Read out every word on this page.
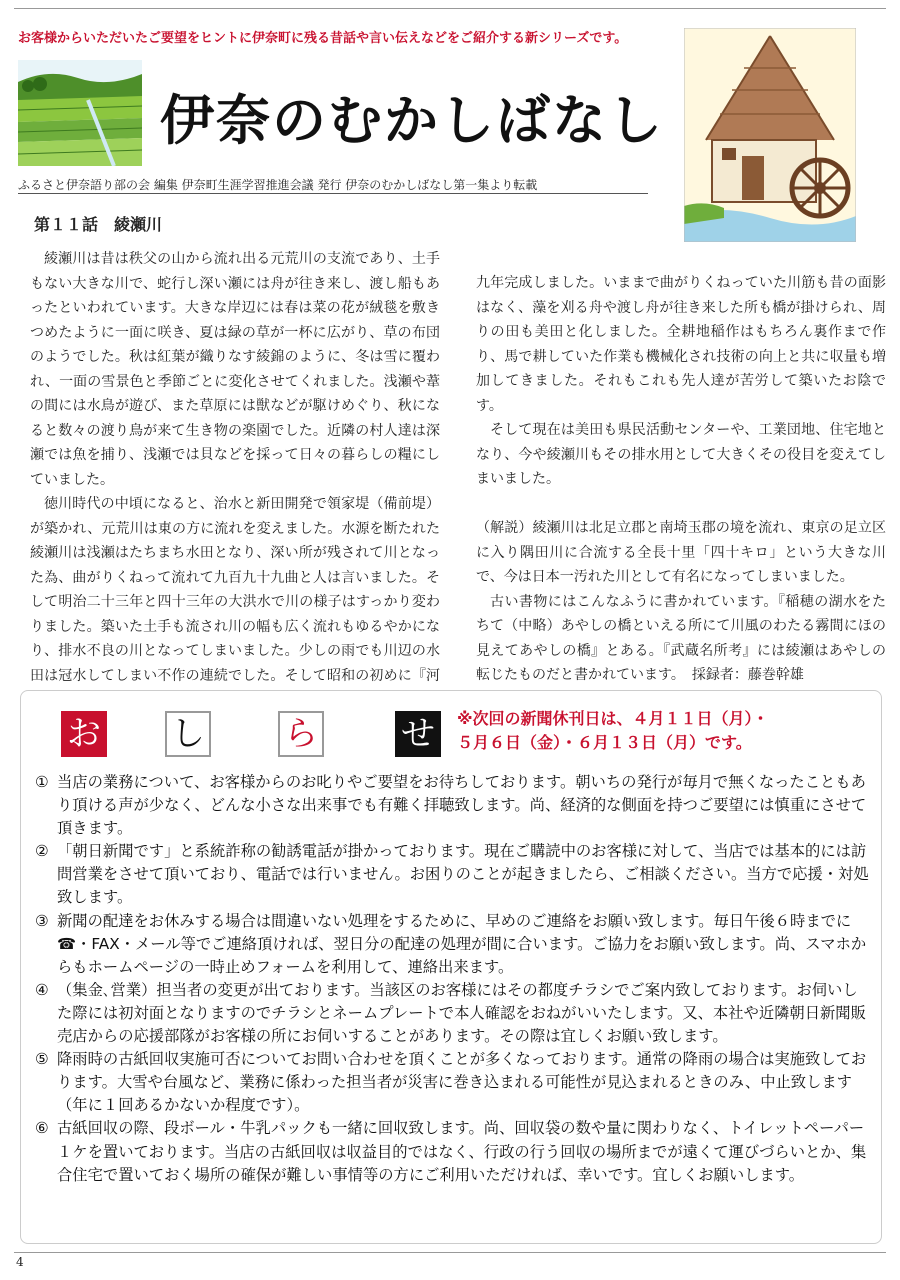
お客様からいただいたご要望をヒントに伊奈町に残る昔話や言い伝えなどをご紹介する新シリーズです。
伊奈のむかしばなし
ふるさと伊奈語り部の会 編集 伊奈町生涯学習推進会議 発行 伊奈のむかしばなし第一集より転載
第１１話　綾瀬川

綾瀬川は昔は秩父の山から流れ出る元荒川の支流であり、土手もない大きな川で、蛇行し深い瀬には舟が往き来し、渡し船もあったといわれています。大きな岸辺には春は菜の花が絨毯を敷きつめたように一面に咲き、夏は緑の草が一杯に広がり、草の布団のようでした。秋は紅葉が織りなす綾錦のように、冬は雪に覆われ、一面の雪景色と季節ごとに変化させてくれました。浅瀬や葦の間には水鳥が遊び、また草原には獣などが駆けめぐり、秋になると数々の渡り鳥が来て生き物の楽園でした。近隣の村人達は深瀬では魚を捕り、浅瀬では貝などを採って日々の暮らしの糧にしていました。

徳川時代の中頃になると、治水と新田開発で領家堤（備前堤）が築かれ、元荒川は東の方に流れを変えました。水源を断たれた綾瀬川は浅瀬はたちまち水田となり、深い所が残されて川となった為、曲がりくねって流れて九百九十九曲と人は言いました。そして明治二十三年と四十三年の大洪水で川の様子はすっかり変わりました。築いた土手も流され川の幅も広く流れもゆるやかになり、排水不良の川となってしまいました。少しの雨でも川辺の水田は冠水してしまい不作の連続でした。そして昭和の初めに『河

九年完成しました。いままで曲がりくねっていた川筋も昔の面影はなく、藻を刈る舟や渡し舟が往き来した所も橋が掛けられ、周りの田も美田と化しました。全耕地稲作はもちろん裏作まで作り、馬で耕していた作業も機械化され技術の向上と共に収量も増加してきました。それもこれも先人達が苦労して築いたお陰です。

そして現在は美田も県民活動センターや、工業団地、住宅地となり、今や綾瀬川もその排水用として大きくその役目を変えてしまいました。

（解説）綾瀬川は北足立郡と南埼玉郡の境を流れ、東京の足立区に入り隅田川に合流する全長十里「四十キロ」という大きな川で、今は日本一汚れた川として有名になってしまいました。

古い書物にはこんなふうに書かれています。『稲穂の湖水をたちて（中略）あやしの橋といえる所にて川風のわたる霧間にほの見えてあやしの橋』とある。『武蔵名所考』には綾瀬はあやしの転じたものだと書かれています。　採録者：藤巻幹雄

お し ら せ	※次回の新聞休刊日は、４月１１日（月）・
５月６日（金）・６月１３日（月）です。
① 当店の業務について、お客様からのお叱りやご要望をお待ちしております。朝いちの発行が毎月で無くなったこともあり頂ける声が少なく、どんな小さな出来事でも有難く拝聴致します。尚、経済的な側面を持つご要望には慎重にさせて頂きます。
② 「朝日新聞です」と系統詐称の勧誘電話が掛かっております。現在ご購読中のお客様に対して、当店では基本的には訪問営業をさせて頂いており、電話では行いません。お困りのことが起きましたら、ご相談ください。当方で応援・対処致します。
③ 新聞の配達をお休みする場合は間違いない処理をするために、早めのご連絡をお願い致します。毎日午後６時までに☎・FAX・メール等でご連絡頂ければ、翌日分の配達の処理が間に合います。ご協力をお願い致します。尚、スマホからもホームページの一時止めフォームを利用して、連絡出来ます。
④ （集金､営業）担当者の変更が出ております。当該区のお客様にはその都度チラシでご案内致しております。お伺いした際には初対面となりますのでチラシとネームプレートで本人確認をおねがいいたします。又、本社や近隣朝日新聞販売店からの応援部隊がお客様の所にお伺いすることがあります。その際は宜しくお願い致します。
⑤ 降雨時の古紙回収実施可否についてお問い合わせを頂くことが多くなっております。通常の降雨の場合は実施致しております。大雪や台風など、業務に係わった担当者が災害に巻き込まれる可能性が見込まれるときのみ、中止致します（年に１回あるかないか程度です）。
⑥ 古紙回収の際、段ボール・牛乳パックも一緒に回収致します。尚、回収袋の数や量に関わりなく、トイレットペーパー１ケを置いております。当店の古紙回収は収益目的ではなく、行政の行う回収の場所までが遠くて運びづらいとか、集合住宅で置いておく場所の確保が難しい事情等の方にご利用いただければ、幸いです。宜しくお願いします。
4
